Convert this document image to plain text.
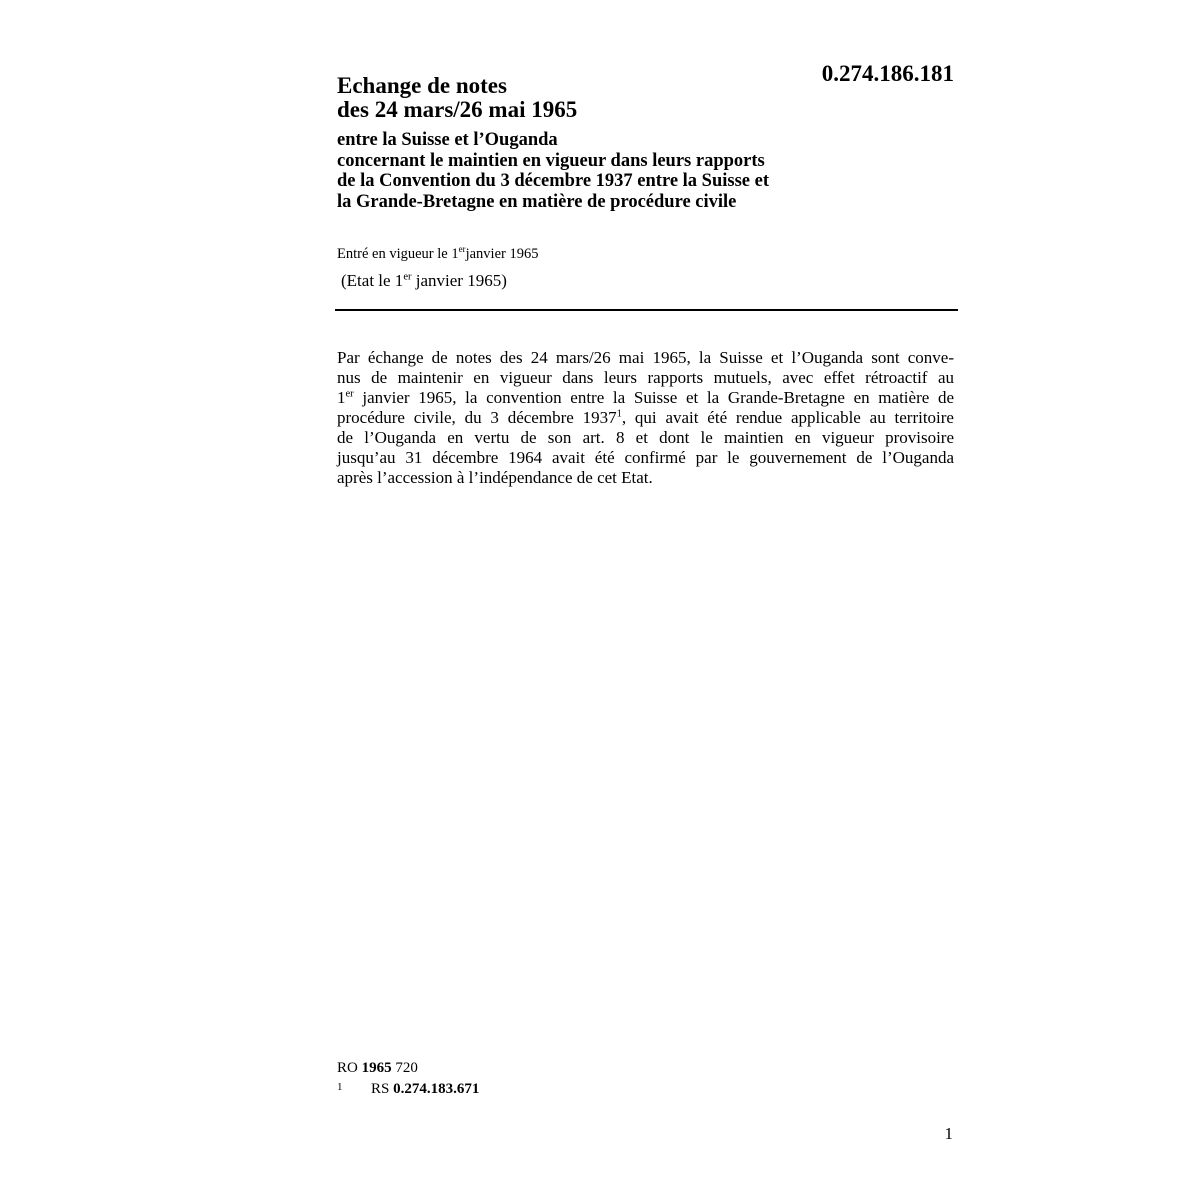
0.274.186.181

Echange de notes

des 24 mars/26 mai 1965

entre la Suisse et l’Ouganda

concernant le maintien en vigueur dans leurs rapports

de la Convention du 3 décembre 1937 entre la Suisse et

la Grande-Bretagne en matière de procédure civile

Entré en vigueur le 1erjanvier 1965
(Etat le 1er janvier 1965)
Par échange de notes des 24 mars/26 mai 1965, la Suisse et l’Ouganda sont conve-
nus de maintenir en vigueur dans leurs rapports mutuels, avec effet rétroactif au
1er janvier 1965, la convention entre la Suisse et la Grande-Bretagne en matière de
procédure civile, du 3 décembre 1937$^1$, qui avait été rendue applicable au territoire
de l’Ouganda en vertu de son art. 8 et dont le maintien en vigueur provisoire
jusqu’au 31 décembre 1964 avait été confirmé par le gouvernement de l’Ouganda
après l’accession à l’indépendance de cet Etat.
RO 1965 720
1 RS 0.274.183.671
1
